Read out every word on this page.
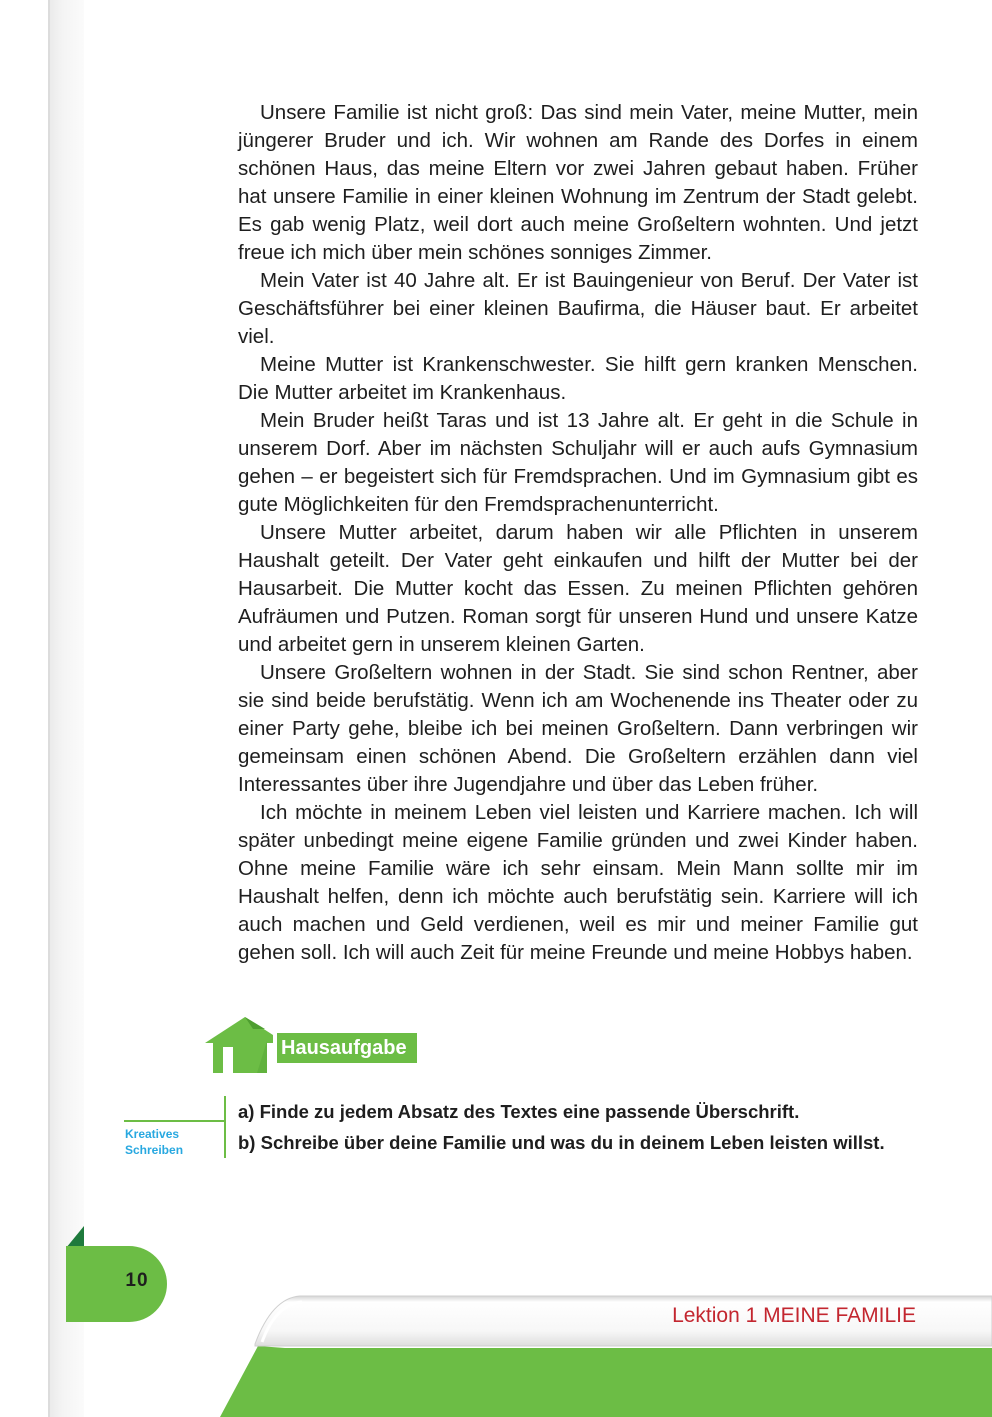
Unsere Familie ist nicht groß: Das sind mein Vater, meine Mutter, mein jüngerer Bruder und ich. Wir wohnen am Rande des Dorfes in einem schönen Haus, das meine Eltern vor zwei Jahren gebaut haben. Früher hat unsere Familie in einer kleinen Wohnung im Zentrum der Stadt gelebt. Es gab wenig Platz, weil dort auch meine Großeltern wohnten. Und jetzt freue ich mich über mein schönes sonniges Zimmer.

Mein Vater ist 40 Jahre alt. Er ist Bauingenieur von Beruf. Der Vater ist Geschäftsführer bei einer kleinen Baufirma, die Häuser baut. Er arbeitet viel.

Meine Mutter ist Krankenschwester. Sie hilft gern kranken Menschen. Die Mutter arbeitet im Krankenhaus.

Mein Bruder heißt Taras und ist 13 Jahre alt. Er geht in die Schule in unserem Dorf. Aber im nächsten Schuljahr will er auch aufs Gymnasium gehen – er begeistert sich für Fremdsprachen. Und im Gymnasium gibt es gute Möglichkeiten für den Fremdsprachenunterricht.

Unsere Mutter arbeitet, darum haben wir alle Pflichten in unserem Haushalt geteilt. Der Vater geht einkaufen und hilft der Mutter bei der Hausarbeit. Die Mutter kocht das Essen. Zu meinen Pflichten gehören Aufräumen und Putzen. Roman sorgt für unseren Hund und unsere Katze und arbeitet gern in unserem kleinen Garten.

Unsere Großeltern wohnen in der Stadt. Sie sind schon Rentner, aber sie sind beide berufstätig. Wenn ich am Wochenende ins Theater oder zu einer Party gehe, bleibe ich bei meinen Großeltern. Dann verbringen wir gemeinsam einen schönen Abend. Die Großeltern erzählen dann viel Interessantes über ihre Jugendjahre und über das Leben früher.

Ich möchte in meinem Leben viel leisten und Karriere machen. Ich will später unbedingt meine eigene Familie gründen und zwei Kinder haben. Ohne meine Familie wäre ich sehr einsam. Mein Mann sollte mir im Haushalt helfen, denn ich möchte auch berufstätig sein. Karriere will ich auch machen und Geld verdienen, weil es mir und meiner Familie gut gehen soll. Ich will auch Zeit für meine Freunde und meine Hobbys haben.

Hausaufgabe
Kreatives Schreiben
a) Finde zu jedem Absatz des Textes eine passende Überschrift.
b) Schreibe über deine Familie und was du in deinem Leben leisten willst.
10
Lektion 1 MEINE FAMILIE
